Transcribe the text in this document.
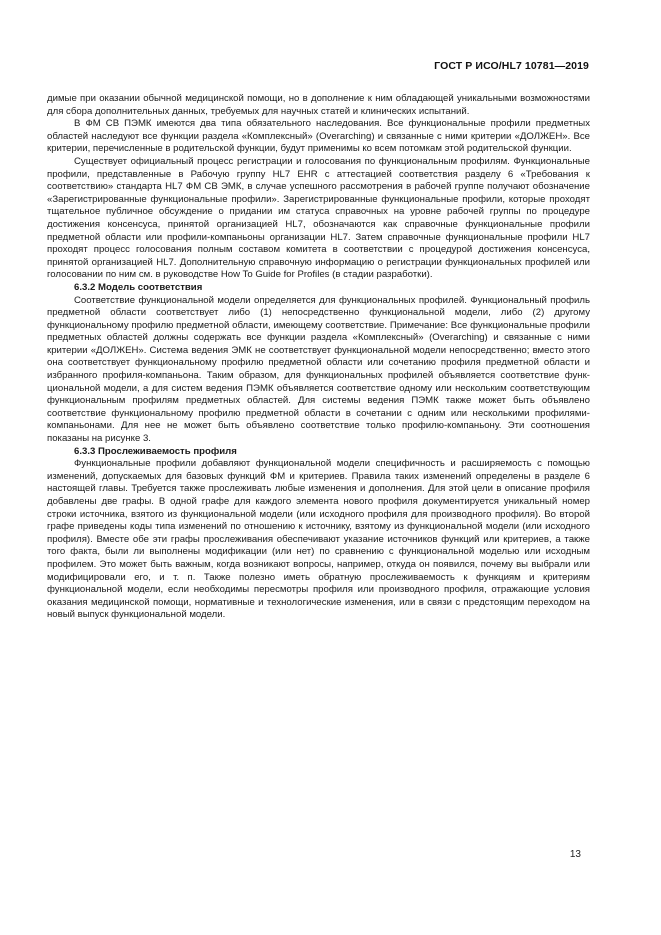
ГОСТ Р ИСО/HL7 10781—2019

димые при оказании обычной медицинской помощи, но в дополнение к ним обладающей уникальными возможностями для сбора дополнительных данных, требуемых для научных статей и клинических испытаний.

В ФМ СВ ПЭМК имеются два типа обязательного наследования. Все функциональные профили предметных областей наследуют все функции раздела «Комплексный» (Overarching) и связанные с ними критерии «ДОЛЖЕН». Все критерии, перечисленные в родительской функции, будут применимы ко всем потомкам этой родительской функции.

Существует официальный процесс регистрации и голосования по функциональным профилям. Функциональные профили, представленные в Рабочую группу HL7 EHR с аттестацией соответствия разделу 6 «Требования к соответствию» стандарта HL7 ФМ СВ ЭМК, в случае успешного рассмотрения в рабочей группе получают обозначение «Зарегистрированные функциональные профили». Зарегистрированные функциональные профили, которые проходят тщательное публичное обсуждение о придании им статуса справочных на уровне рабочей группы по процедуре достижения консенсуса, принятой организацией HL7, обозначаются как справочные функциональные профили предметной области или профили-компаньоны организации HL7. Затем справочные функциональные профили HL7 проходят процесс голосования полным составом комитета в соответствии с процедурой достижения консенсуса, принятой организацией HL7. Дополнительную справочную информацию о регистрации функциональных профилей или голосовании по ним см. в руководстве How To Guide for Profiles (в стадии разработки).

6.3.2 Модель соответствия

Соответствие функциональной модели определяется для функциональных профилей. Функциональный профиль предметной области соответствует либо (1) непосредственно функциональной модели, либо (2) другому функциональному профилю предметной области, имеющему соответствие. Примечание: Все функциональные профили предметных областей должны содержать все функции раздела «Комплексный» (Overarching) и связанные с ними критерии «ДОЛЖЕН». Система ведения ЭМК не соответствует функциональной модели непосредственно; вместо этого она соответствует функциональному профилю предметной области или сочетанию профиля предметной области и избранного профиля-компаньона. Таким образом, для функциональных профилей объявляется соответствие функциональной модели, а для систем ведения ПЭМК объявляется соответствие одному или нескольким соответствующим функциональным профилям предметных областей. Для системы ведения ПЭМК также может быть объявлено соответствие функциональному профилю предметной области в сочетании с одним или несколькими профилями-компаньонами. Для нее не может быть объявлено соответствие только профилю-компаньону. Эти соотношения показаны на рисунке 3.

6.3.3 Прослеживаемость профиля

Функциональные профили добавляют функциональной модели специфичность и расширяемость с помощью изменений, допускаемых для базовых функций ФМ и критериев. Правила таких изменений определены в разделе 6 настоящей главы. Требуется также прослеживать любые изменения и дополнения. Для этой цели в описание профиля добавлены две графы. В одной графе для каждого элемента нового профиля документируется уникальный номер строки источника, взятого из функциональной модели (или исходного профиля для производного профиля). Во второй графе приведены коды типа изменений по отношению к источнику, взятому из функциональной модели (или исходного профиля). Вместе обе эти графы прослеживания обеспечивают указание источников функций или критериев, а также того факта, были ли выполнены модификации (или нет) по сравнению с функциональной моделью или исходным профилем. Это может быть важным, когда возникают вопросы, например, откуда он появился, почему вы выбрали или модифицировали его, и т. п. Также полезно иметь обратную прослеживаемость к функциям и критериям функциональной модели, если необходимы пересмотры профиля или производного профиля, отражающие условия оказания медицинской помощи, нормативные и технологические изменения, или в связи с предстоящим переходом на новый выпуск функциональной модели.

13
